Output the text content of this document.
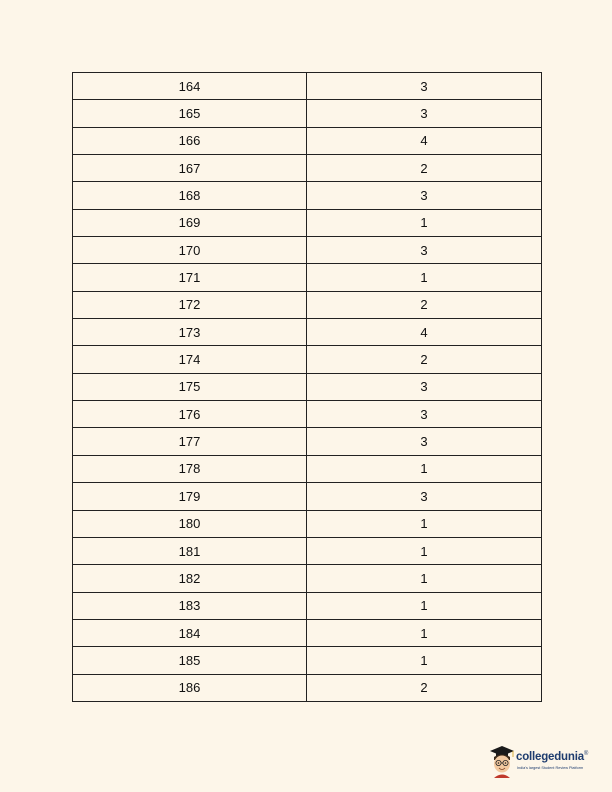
164	3
165	3
166	4
167	2
168	3
169	1
170	3
171	1
172	2
173	4
174	2
175	3
176	3
177	3
178	1
179	3
180	1
181	1
182	1
183	1
184	1
185	1
186	2
collegedunia®
India's largest Student Review Platform
